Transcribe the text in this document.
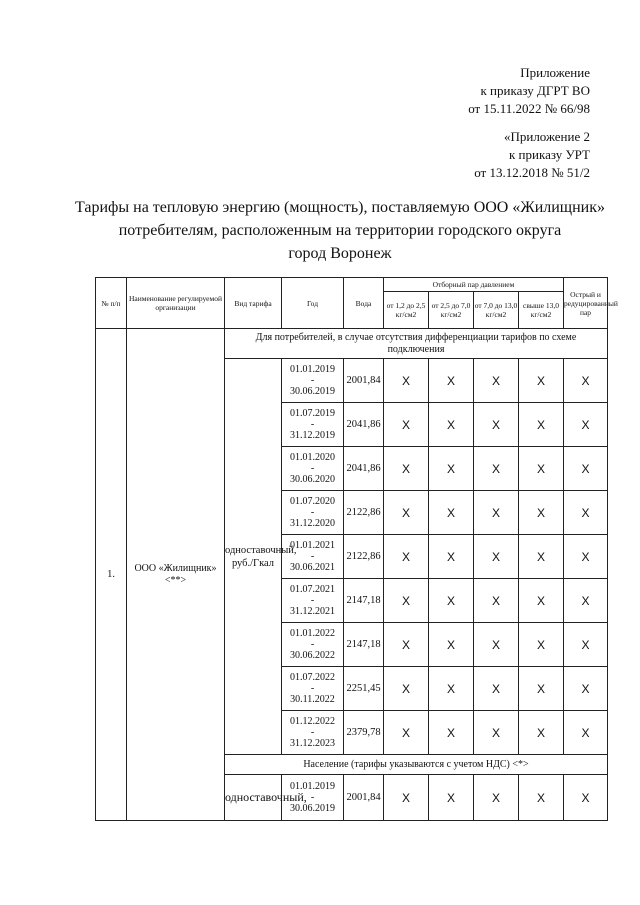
Приложение
к приказу ДГРТ ВО
от 15.11.2022 № 66/98
«Приложение 2
к приказу УРТ
от 13.12.2018 № 51/2
Тарифы на тепловую энергию (мощность), поставляемую ООО «Жилищник»
потребителям, расположенным на территории городского округа
город Воронеж
№ п/п	Наименование регулируемой организации	Вид тарифа	Год	Вода	Отборный пар давлением				Острый и редуцированный пар
					от 1,2 до 2,5 кг/см2	от 2,5 до 7,0 кг/см2	от 7,0 до 13,0 кг/см2	свыше 13,0 кг/см2	
1.	ООО «Жилищник» <**>	Для потребителей, в случае отсутствия дифференциации тарифов по схеме подключения							
		одноставочный, руб./Гкал	01.01.2019
-
30.06.2019	2001,84	X	X	X	X	X

			01.07.2019
-
31.12.2019	2041,86	X	X	X	X	X

			01.01.2020
-
30.06.2020	2041,86	X	X	X	X	X

			01.07.2020
-
31.12.2020	2122,86	X	X	X	X	X

			01.01.2021
-
30.06.2021	2122,86	X	X	X	X	X

			01.07.2021
-
31.12.2021	2147,18	X	X	X	X	X

			01.01.2022
-
30.06.2022	2147,18	X	X	X	X	X

			01.07.2022
-
30.11.2022	2251,45	X	X	X	X	X

			01.12.2022
-
31.12.2023	2379,78	X	X	X	X	X
		Население (тарифы указываются с учетом НДС) <*>							
		одноставочный,	01.01.2019
-
30.06.2019	2001,84	X	X	X	X	X
